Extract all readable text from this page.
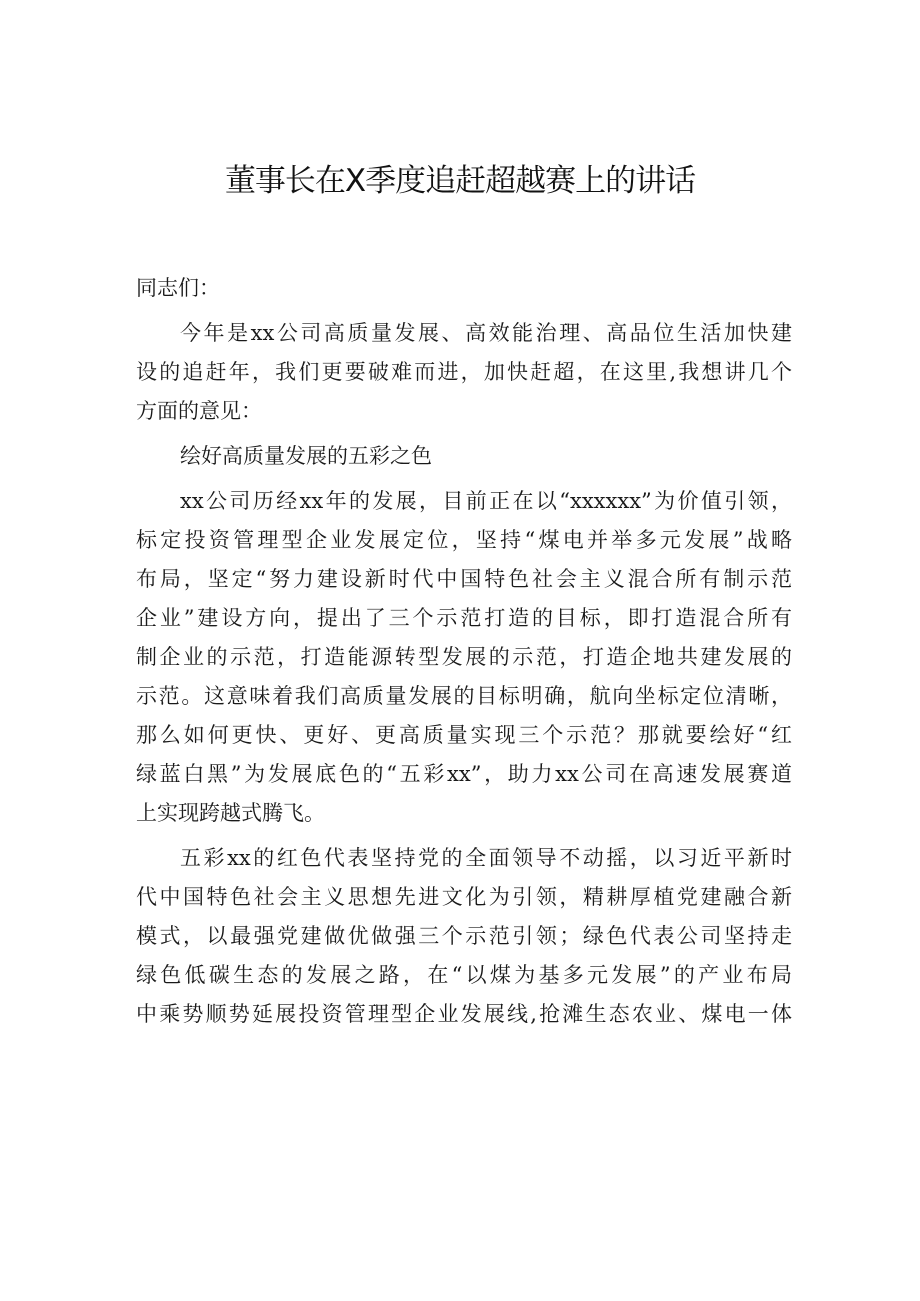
董事长在X季度追赶超越赛上的讲话
同志们：
今年是xx公司高质量发展、高效能治理、高品位生活加快建
设的追赶年，我们更要破难而进，加快赶超，在这里,我想讲几个
方面的意见：
绘好高质量发展的五彩之色
xx公司历经xx年的发展，目前正在以“xxxxxx”为价值引领，
标定投资管理型企业发展定位，坚持“煤电并举多元发展”战略
布局，坚定“努力建设新时代中国特色社会主义混合所有制示范
企业”建设方向，提出了三个示范打造的目标，即打造混合所有
制企业的示范，打造能源转型发展的示范，打造企地共建发展的
示范。这意味着我们高质量发展的目标明确，航向坐标定位清晰，
那么如何更快、更好、更高质量实现三个示范？那就要绘好“红
绿蓝白黑”为发展底色的“五彩xx”，助力xx公司在高速发展赛道
上实现跨越式腾飞。
五彩xx的红色代表坚持党的全面领导不动摇，以习近平新时
代中国特色社会主义思想先进文化为引领，精耕厚植党建融合新
模式，以最强党建做优做强三个示范引领；绿色代表公司坚持走
绿色低碳生态的发展之路，在“以煤为基多元发展”的产业布局
中乘势顺势延展投资管理型企业发展线,抢滩生态农业、煤电一体
